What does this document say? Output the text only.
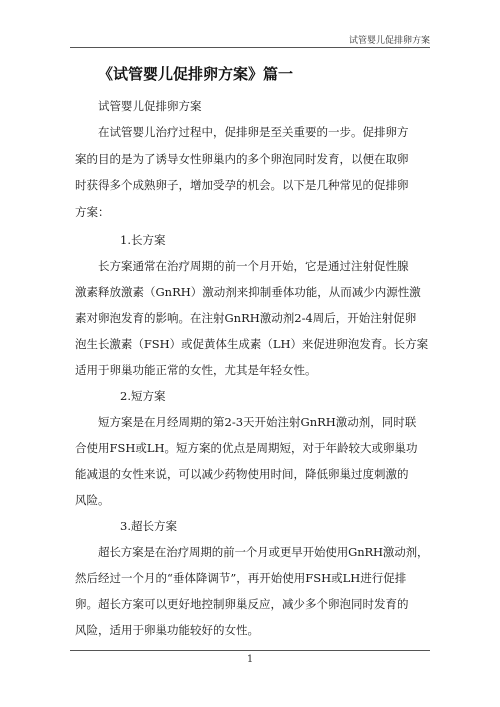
试管婴儿促排卵方案
《试管婴儿促排卵方案》篇一
试管婴儿促排卵方案
在试管婴儿治疗过程中，促排卵是至关重要的一步。促排卵方
案的目的是为了诱导女性卵巢内的多个卵泡同时发育，以便在取卵
时获得多个成熟卵子，增加受孕的机会。以下是几种常见的促排卵
方案：
1.长方案
长方案通常在治疗周期的前一个月开始，它是通过注射促性腺
激素释放激素（GnRH）激动剂来抑制垂体功能，从而减少内源性激
素对卵泡发育的影响。在注射GnRH激动剂2-4周后，开始注射促卵
泡生长激素（FSH）或促黄体生成素（LH）来促进卵泡发育。长方案
适用于卵巢功能正常的女性，尤其是年轻女性。
2.短方案
短方案是在月经周期的第2-3天开始注射GnRH激动剂，同时联
合使用FSH或LH。短方案的优点是周期短，对于年龄较大或卵巢功
能减退的女性来说，可以减少药物使用时间，降低卵巢过度刺激的
风险。
3.超长方案
超长方案是在治疗周期的前一个月或更早开始使用GnRH激动剂，
然后经过一个月的“垂体降调节”，再开始使用FSH或LH进行促排
卵。超长方案可以更好地控制卵巢反应，减少多个卵泡同时发育的
风险，适用于卵巢功能较好的女性。
1
